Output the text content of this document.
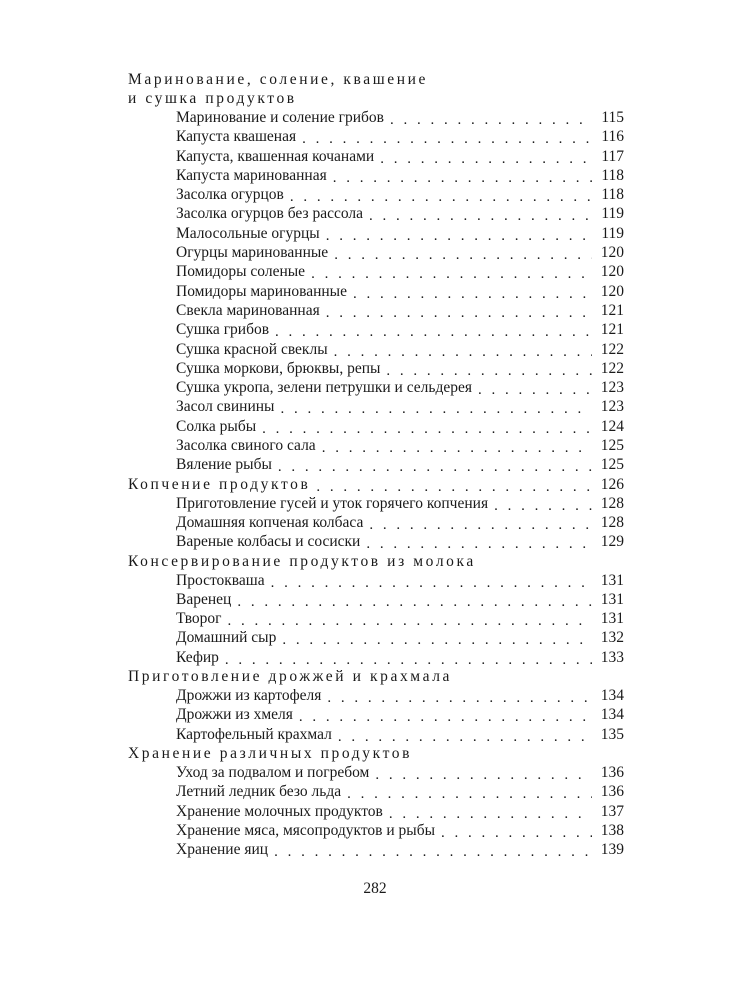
Маринование, соление, квашение
и сушка продуктов
Маринование и соление грибов . . .	115
Капуста квашеная . . .	116
Капуста, квашенная кочанами . . .	117
Капуста маринованная . . .	118
Засолка огурцов . . .	118
Засолка огурцов без рассола . . .	119
Малосольные огурцы . . .	119
Огурцы маринованные . . .	120
Помидоры соленые . . .	120
Помидоры маринованные . . .	120
Свекла маринованная . . .	121
Сушка грибов . . .	121
Сушка красной свеклы . . .	122
Сушка моркови, брюквы, репы . . .	122
Сушка укропа, зелени петрушки и сельдерея . . .	123
Засол свинины . . .	123
Солка рыбы . . .	124
Засолка свиного сала . . .	125
Вяление рыбы . . .	125
Копчение продуктов . . .	126
Приготовление гусей и уток горячего копчения . . .	128
Домашняя копченая колбаса . . .	128
Вареные колбасы и сосиски . . .	129
Консервирование продуктов из молока
Простокваша . . .	131
Варенец . . .	131
Творог . . .	131
Домашний сыр . . .	132
Кефир . . .	133
Приготовление дрожжей и крахмала
Дрожжи из картофеля . . .	134
Дрожжи из хмеля . . .	134
Картофельный крахмал . . .	135
Хранение различных продуктов
Уход за подвалом и погребом . . .	136
Летний ледник безо льда . . .	136
Хранение молочных продуктов . . .	137
Хранение мяса, мясопродуктов и рыбы . . .	138
Хранение яиц . . .	139
282
